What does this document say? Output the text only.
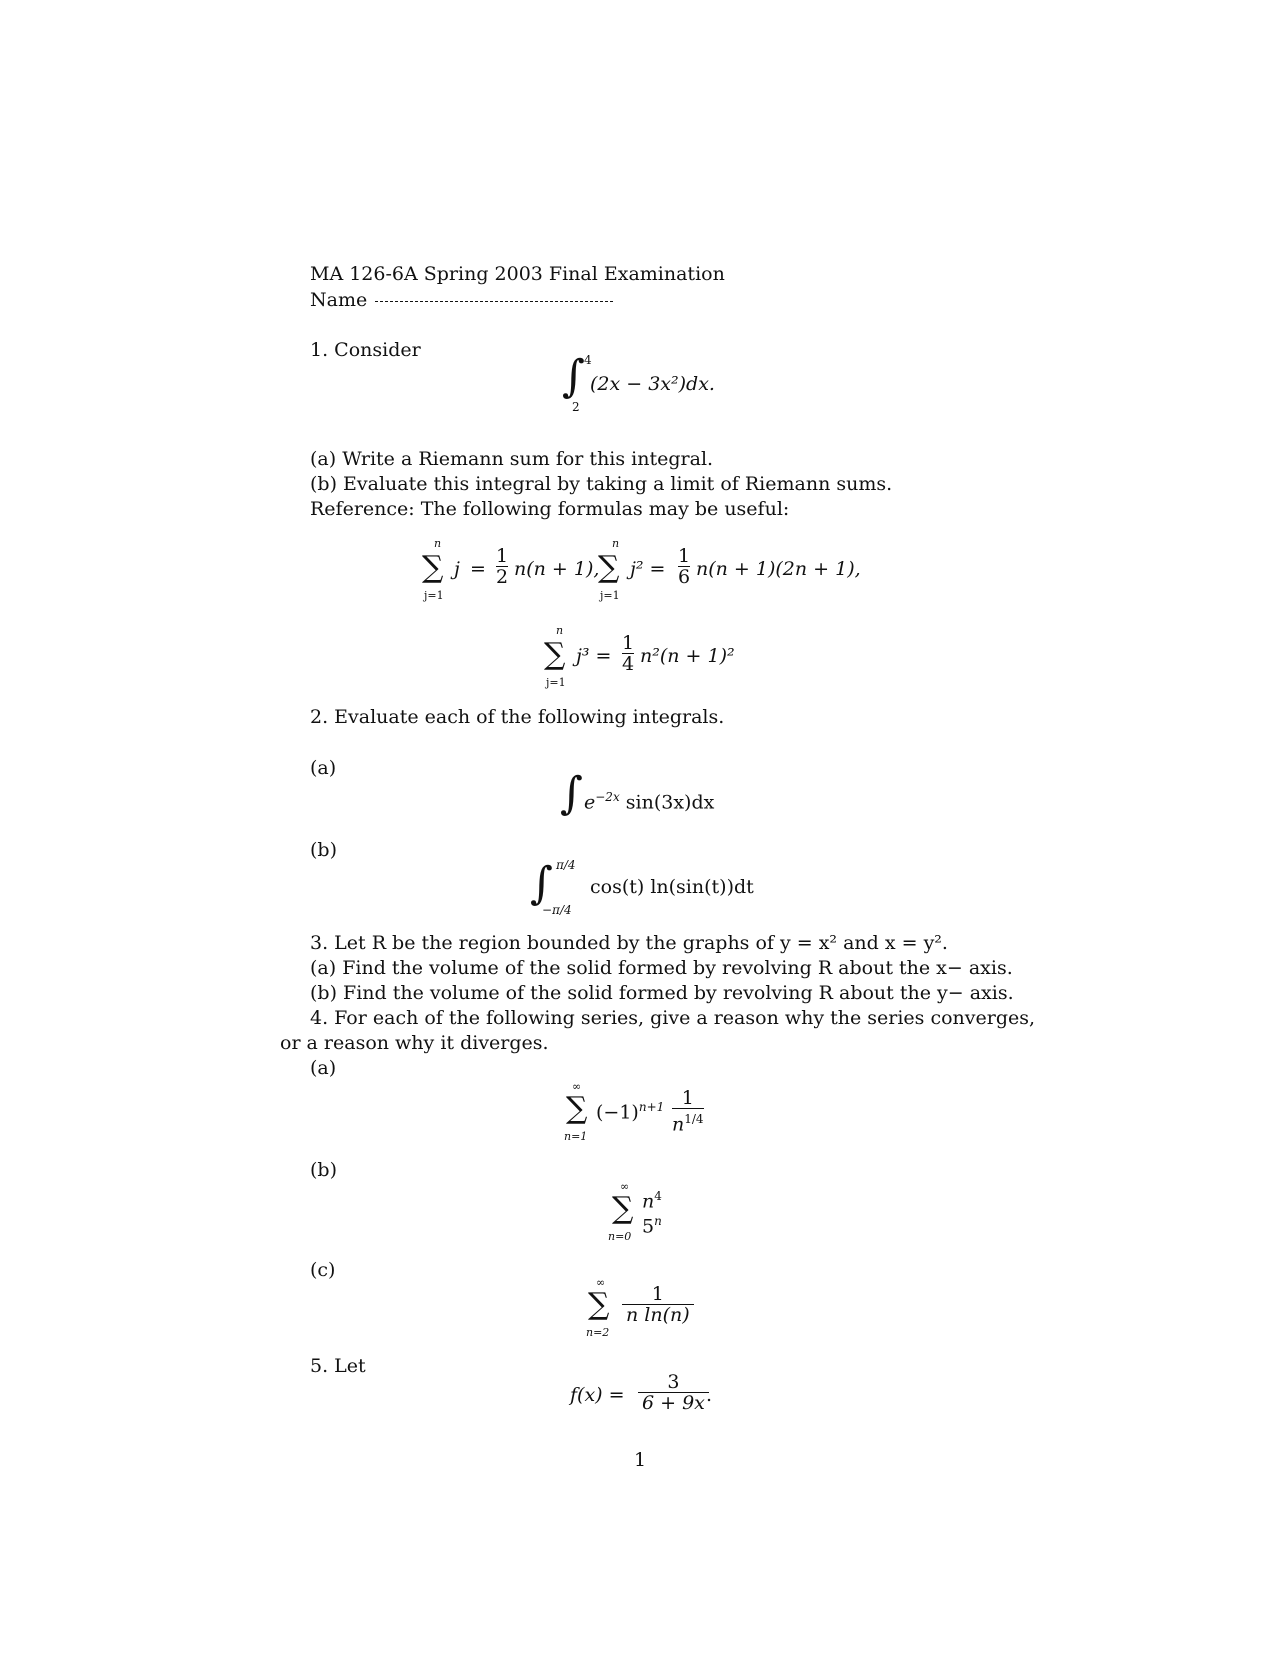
MA 126-6A Spring 2003 Final Examination
Name
1. Consider
∫ 4
2
(2x − 3x²)dx.
(a) Write a Riemann sum for this integral.
(b) Evaluate this integral by taking a limit of Riemann sums.
Reference: The following formulas may be useful:
n
∑
j=1
$j = \frac{1}{2} n(n + 1)$,
n
∑
j=1
$j^2 = \frac{1}{6} n(n + 1)(2n + 1)$,
n
∑
j=1
$j^3 = \frac{1}{4} n^2(n + 1)^2$
2. Evaluate each of the following integrals.
(a)	∫ $e^{-2x}$ sin(3x)dx
(b)
∫ π/4
−π/4
cos(t) ln(sin(t))dt
3. Let R be the region bounded by the graphs of y = x² and x = y².
(a) Find the volume of the solid formed by revolving R about the x− axis.
(b) Find the volume of the solid formed by revolving R about the y− axis.
4. For each of the following series, give a reason why the series converges,
or a reason why it diverges.
(a)
∞
∑
n=1
$(-1)^{n+1} \frac{1}{n^{1/4}}$
(b)
∞
∑
n=0
$n^4$
5$^n$
(c)
∞
∑
n=2
$\frac{1}{\text{n ln(n)}}$
5. Let
$f(x) = \frac{3}{6 + 9x}$
.
1
